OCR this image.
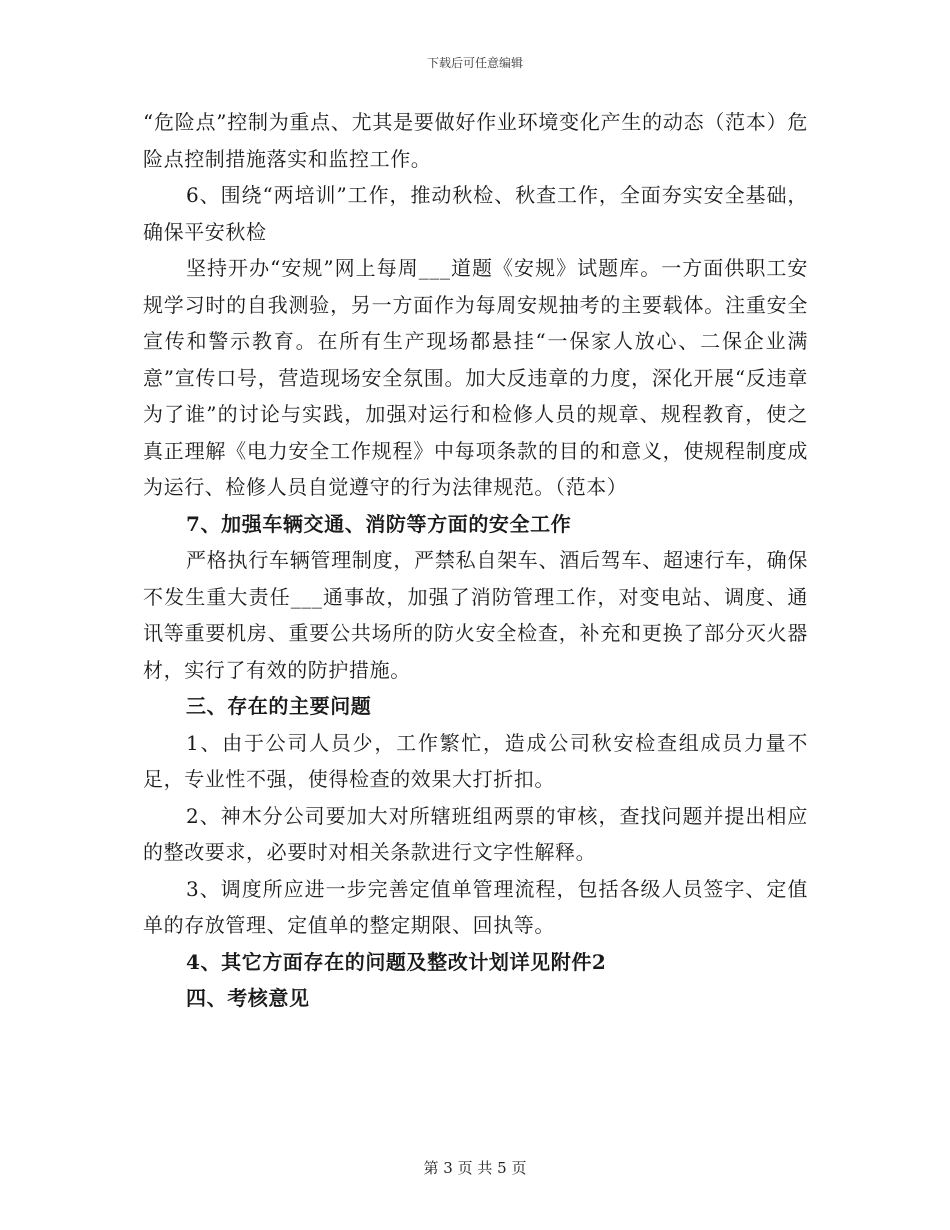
下载后可任意编辑

“危险点”控制为重点、尤其是要做好作业环境变化产生的动态（范本）危险点控制措施落实和监控工作。

6、围绕“两培训”工作，推动秋检、秋查工作，全面夯实安全基础，确保平安秋检

坚持开办“安规”网上每周___道题《安规》试题库。一方面供职工安规学习时的自我测验，另一方面作为每周安规抽考的主要载体。注重安全宣传和警示教育。在所有生产现场都悬挂“一保家人放心、二保企业满意”宣传口号，营造现场安全氛围。加大反违章的力度，深化开展“反违章为了谁”的讨论与实践，加强对运行和检修人员的规章、规程教育，使之真正理解《电力安全工作规程》中每项条款的目的和意义，使规程制度成为运行、检修人员自觉遵守的行为法律规范。（范本）

7、加强车辆交通、消防等方面的安全工作

严格执行车辆管理制度，严禁私自架车、酒后驾车、超速行车，确保不发生重大责任___通事故，加强了消防管理工作，对变电站、调度、通讯等重要机房、重要公共场所的防火安全检查，补充和更换了部分灭火器材，实行了有效的防护措施。

三、存在的主要问题

1、由于公司人员少，工作繁忙，造成公司秋安检查组成员力量不足，专业性不强，使得检查的效果大打折扣。

2、神木分公司要加大对所辖班组两票的审核，查找问题并提出相应的整改要求，必要时对相关条款进行文字性解释。

3、调度所应进一步完善定值单管理流程，包括各级人员签字、定值单的存放管理、定值单的整定期限、回执等。

4、其它方面存在的问题及整改计划详见附件2

四、考核意见

第 3 页 共 5 页
